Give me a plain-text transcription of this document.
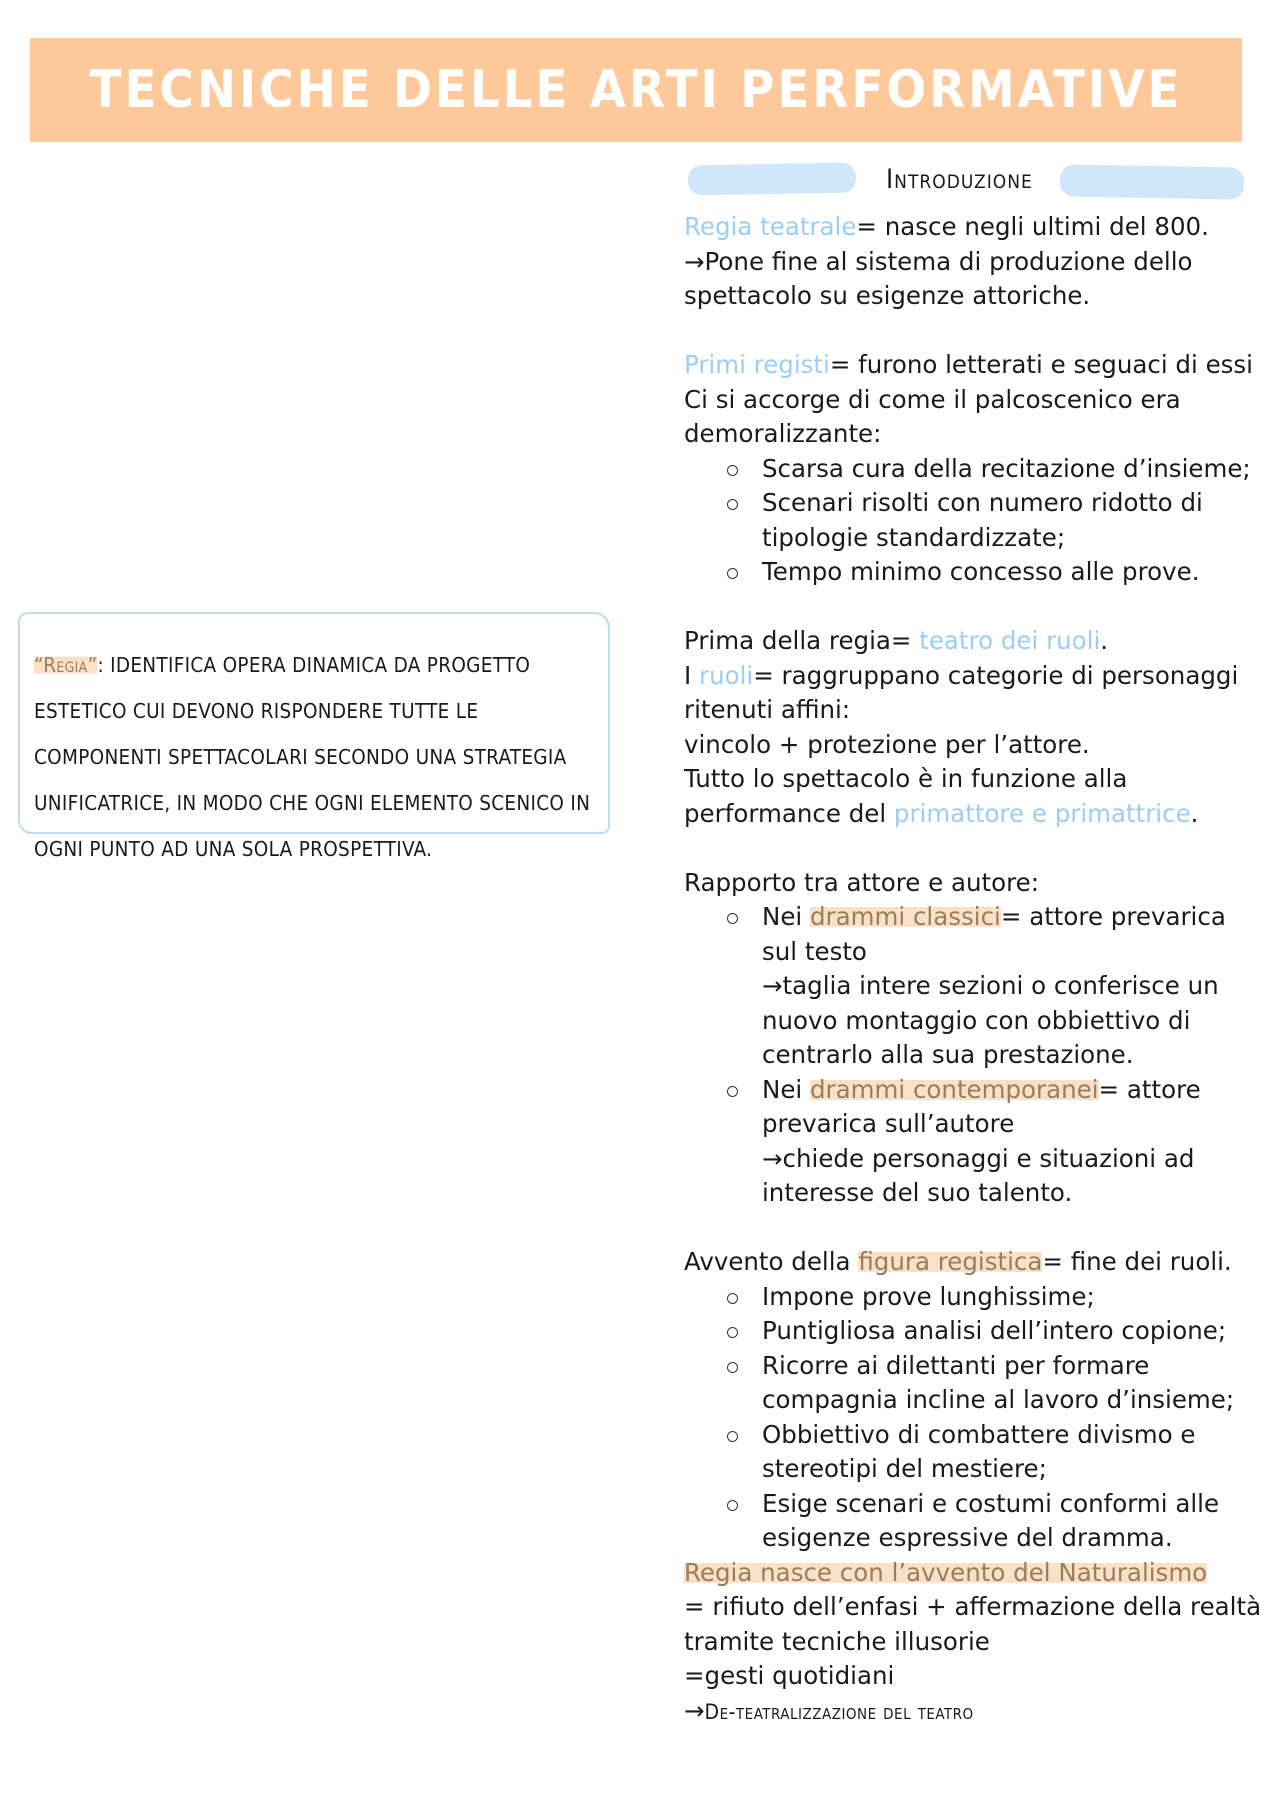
TECNICHE DELLE ARTI PERFORMATIVE
Introduzione

“Regia”: IDENTIFICA OPERA DINAMICA DA PROGETTO ESTETICO CUI DEVONO RISPONDERE TUTTE LE COMPONENTI SPETTACOLARI SECONDO UNA STRATEGIA UNIFICATRICE, IN MODO CHE OGNI ELEMENTO SCENICO IN OGNI PUNTO AD UNA SOLA PROSPETTIVA.

Regia teatrale= nasce negli ultimi del 800.

→Pone fine al sistema di produzione dello spettacolo su esigenze attoriche.

Primi registi= furono letterati e seguaci di essi

Ci si accorge di come il palcoscenico era demoralizzante:

Scarsa cura della recitazione d’insieme;
Scenari risolti con numero ridotto di tipologie standardizzate;
Tempo minimo concesso alle prove.

Prima della regia= teatro dei ruoli.

I ruoli= raggruppano categorie di personaggi ritenuti affini:

vincolo + protezione per l’attore.

Tutto lo spettacolo è in funzione alla performance del primattore e primattrice.

Rapporto tra attore e autore:

Nei drammi classici= attore prevarica sul testo
→taglia intere sezioni o conferisce un nuovo montaggio con obbiettivo di centrarlo alla sua prestazione.
Nei drammi contemporanei= attore prevarica sull’autore
→chiede personaggi e situazioni ad interesse del suo talento.

Avvento della figura registica= fine dei ruoli.

Impone prove lunghissime;
Puntigliosa analisi dell’intero copione;
Ricorre ai dilettanti per formare compagnia incline al lavoro d’insieme;
Obbiettivo di combattere divismo e stereotipi del mestiere;
Esige scenari e costumi conformi alle esigenze espressive del dramma.

Regia nasce con l’avvento del Naturalismo

= rifiuto dell’enfasi + affermazione della realtà tramite tecniche illusorie

=gesti quotidiani

→De-teatralizzazione del teatro
